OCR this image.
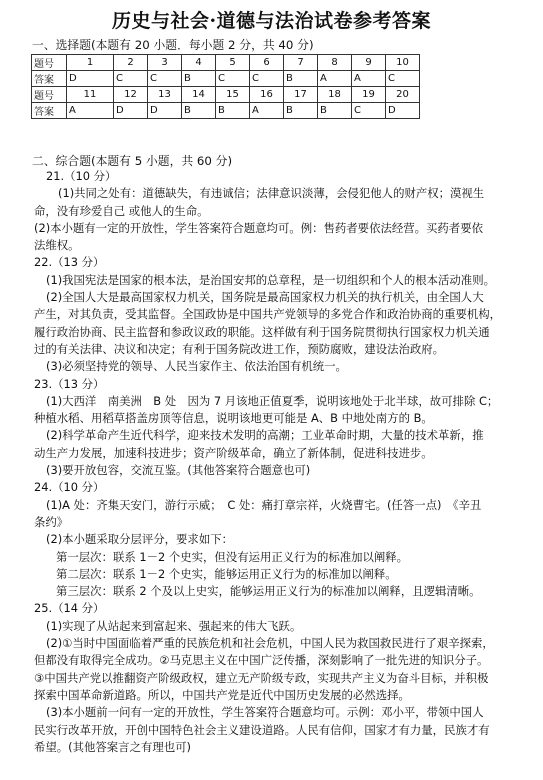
历史与社会·道德与法治试卷参考答案
一、选择题(本题有 20 小题．每小题 2 分，共 40 分)
题号	1	2	3	4	5	6	7	8	9	10
答案	D	C	C	B	C	C	B	A	A	C
题号	11	12	13	14	15	16	17	18	19	20
答案	A	D	D	B	B	A	B	B	C	D
二、综合题(本题有 5 小题，共 60 分)

21.（10 分）

(1)共同之处有：道德缺失，有违诚信；法律意识淡薄，会侵犯他人的财产权；漠视生

命，没有珍爱自己 或他人的生命。

(2)本小题有一定的开放性，学生答案符合题意均可。例：售药者要依法经营。买药者要依

法维权。

22.（13 分）

(1)我国宪法是国家的根本法，是治国安邦的总章程，是一切组织和个人的根本活动准则。

(2)全国人大是最高国家权力机关，国务院是最高国家权力机关的执行机关，由全国人大

产生，对其负责，受其监督。全国政协是中国共产党领导的多党合作和政治协商的重要机构，

履行政治协商、民主监督和参政议政的职能。这样做有利于国务院贯彻执行国家权力机关通

过的有关法律、决议和决定；有利于国务院改进工作，预防腐败，建设法治政府。

(3)必须坚持党的领导、人民当家作主、依法治国有机统一。

23.（13 分）

(1)大西洋　南美洲　B 处　因为 7 月该地正值夏季，说明该地处于北半球，故可排除 C；

种植水稻、用稻草搭盖房顶等信息，说明该地更可能是 A、B 中地处南方的 B。

(2)科学革命产生近代科学，迎来技术发明的高潮；工业革命时期，大量的技术革新，推

动生产力发展，加速科技进步；资产阶级革命，确立了新体制，促进科技进步。

(3)要开放包容，交流互鉴。(其他答案符合题意也可)

24.（10 分）

(1)A 处：齐集天安门，游行示威；　C 处：痛打章宗祥，火烧曹宅。(任答一点)　《辛丑

条约》

(2)本小题采取分层评分，要求如下：

第一层次：联系 1－2 个史实，但没有运用正义行为的标准加以阐释。

第二层次：联系 1－2 个史实，能够运用正义行为的标准加以阐释。

第三层次：联系 2 个及以上史实，能够运用正义行为的标准加以阐释，且逻辑清晰。

25.（14 分）

(1)实现了从站起来到富起来、强起来的伟大飞跃。

(2)①当时中国面临着严重的民族危机和社会危机，中国人民为救国救民进行了艰辛探索，

但都没有取得完全成功。②马克思主义在中国广泛传播，深刻影响了一批先进的知识分子。

③中国共产党以推翻资产阶级政权，建立无产阶级专政，实现共产主义为奋斗目标，并积极

探索中国革命新道路。所以，中国共产党是近代中国历史发展的必然选择。

(3)本小题前一问有一定的开放性，学生答案符合题意均可。示例：邓小平，带领中国人

民实行改革开放，开创中国特色社会主义建设道路。人民有信仰，国家才有力量，民族才有

希望。(其他答案言之有理也可)
